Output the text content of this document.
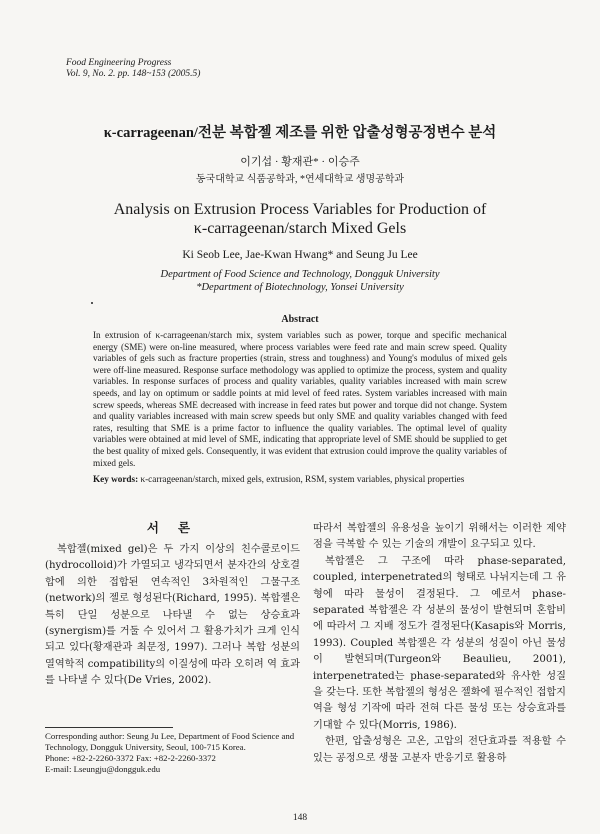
Food Engineering Progress
Vol. 9, No. 2. pp. 148~153 (2005.5)
κ-carrageenan/전분 복합젤 제조를 위한 압출성형공정변수 분석
이기섭 · 황재관* · 이승주
동국대학교 식품공학과, *연세대학교 생명공학과
Analysis on Extrusion Process Variables for Production of
κ-carrageenan/starch Mixed Gels
Ki Seob Lee, Jae-Kwan Hwang* and Seung Ju Lee
Department of Food Science and Technology, Dongguk University
*Department of Biotechnology, Yonsei University
Abstract
In extrusion of κ-carrageenan/starch mix, system variables such as power, torque and specific mechanical energy (SME) were on-line measured, where process variables were feed rate and main screw speed. Quality variables of gels such as fracture properties (strain, stress and toughness) and Young's modulus of mixed gels were off-line measured. Response surface methodology was applied to optimize the process, system and quality variables. In response surfaces of process and quality variables, quality variables increased with main screw speeds, and lay on optimum or saddle points at mid level of feed rates. System variables increased with main screw speeds, whereas SME decreased with increase in feed rates but power and torque did not change. System and quality variables increased with main screw speeds but only SME and quality variables changed with feed rates, resulting that SME is a prime factor to influence the quality variables. The optimal level of quality variables were obtained at mid level of SME, indicating that appropriate level of SME should be supplied to get the best quality of mixed gels. Consequently, it was evident that extrusion could improve the quality variables of mixed gels.
Key words: κ-carrageenan/starch, mixed gels, extrusion, RSM, system variables, physical properties
서 론

복합젤(mixed gel)은 두 가지 이상의 친수콜로이드(hydrocolloid)가 가열되고 냉각되면서 분자간의 상호결합에 의한 접합된 연속적인 3차원적인 그물구조(network)의 젤로 형성된다(Richard, 1995). 복합젤은 특히 단일 성분으로 나타낼 수 없는 상승효과(synergism)를 거둘 수 있어서 그 활용가치가 크게 인식되고 있다(황재관과 최문정, 1997). 그러나 복합 성분의 열역학적 compatibility의 이질성에 따라 오히려 역 효과를 나타낼 수 있다(De Vries, 2002).

Corresponding author: Seung Ju Lee, Department of Food Science and Technology, Dongguk University, Seoul, 100-715 Korea.
Phone: +82-2-2260-3372 Fax: +82-2-2260-3372
E-mail: Lseungju@dongguk.edu

따라서 복합젤의 유용성을 높이기 위해서는 이러한 제약점을 극복할 수 있는 기술의 개발이 요구되고 있다.

복합젤은 그 구조에 따라 phase-separated, coupled, interpenetrated의 형태로 나뉘지는데 그 유형에 따라 물성이 결정된다. 그 예로서 phase-separated 복합젤은 각 성분의 물성이 발현되며 혼합비에 따라서 그 지배 정도가 결정된다(Kasapis와 Morris, 1993). Coupled 복합젤은 각 성분의 성질이 아닌 물성이 발현되며(Turgeon와 Beaulieu, 2001), interpenetrated는 phase-separated와 유사한 성질을 갖는다. 또한 복합젤의 형성은 젤화에 필수적인 접합지역을 형성 기작에 따라 전혀 다른 물성 또는 상승효과를 기대할 수 있다(Morris, 1986).

한편, 압출성형은 고온, 고압의 전단효과를 적용할 수 있는 공정으로 생물 고분자 반응기로 활용하

148
